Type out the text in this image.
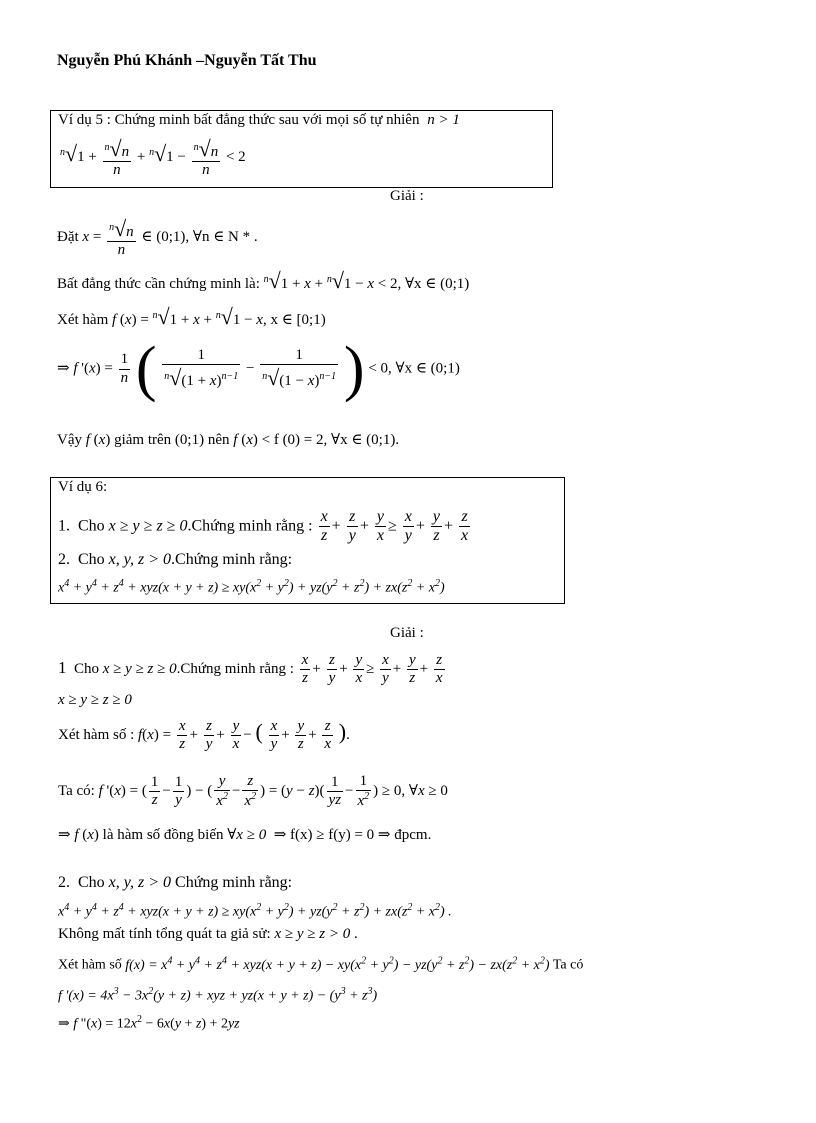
Nguyễn Phú Khánh –Nguyễn Tất Thu
Ví dụ 5 : Chứng minh bất đẳng thức sau với mọi số tự nhiên n > 1
$^n√1 + \frac{^n√n}{n} + ^n√1 - \frac{^n√n}{n} < 2$
Giải :
Đặt $x = \frac{^n√n}{n}$ ∈ (0;1), ∀n ∈ N * .
Bất đẳng thức cần chứng minh là: $^n$√1 + x + $^n$√1 − x < 2, ∀x ∈ (0;1)
Xét hàm f (x) = $^n$√1 + x + $^n$√1 − x, x ∈ [0;1)
⇒ f '$(x) = \frac{1}{n}$ ( $\frac{1}{^n√(1 + x)^{n-1}} - \frac{1}{^n√(1 - x)^{n-1}}$ ) < 0, ∀x ∈ (0;1)
Vậy f (x) giảm trên (0;1) nên f (x) < f (0) = 2, ∀x ∈ (0;1).
Ví dụ 6:
1. Cho x ≥ y ≥ z ≥ 0.Chứng minh rằng : $\frac{x}{z} + \frac{z}{y} + \frac{y}{x} \ge \frac{x}{y} + \frac{y}{z} + \frac{z}{x}$
2. Cho x, y, z > 0.Chứng minh rằng:
$x^4 + y^4 + z^4 + xyz(x + y + z) \ge xy(x^2 + y^2) + yz(y^2 + z^2) + zx(z^2 + x^2)$
Giải :
1 Cho x ≥ y ≥ z ≥ 0.Chứng minh rằng : $\frac{x}{z} + \frac{z}{y} + \frac{y}{x} \ge \frac{x}{y} + \frac{y}{z} + \frac{z}{x}$
x ≥ y ≥ z ≥ 0
Xét hàm số : $f(x) = \frac{x}{z} + \frac{z}{y} + \frac{y}{x}$ − ( $\frac{x}{y} + \frac{y}{z} + \frac{z}{x}$ ).
Ta có: f '(x) = ( $\frac{1}{z} - \frac{1}{y}$ ) − ( $\frac{y}{x^2} - \frac{z}{x^2}$ ) = $(y - z)( \frac{1}{yz} - \frac{1}{x^2}$ ) ≥ 0, ∀x ≥ 0
⇒ f (x) là hàm số đồng biến ∀x ≥ 0 ⇒ f(x) ≥ f(y) = 0 ⇒ đpcm.
2. Cho x, y, z > 0 Chứng minh rằng:
$x^4 + y^4 + z^4 + xyz(x + y + z) \ge xy(x^2 + y^2) + yz(y^2 + z^2) + zx(z^2 + x^2)$ .
Không mất tính tổng quát ta giả sử: x ≥ y ≥ z > 0 .
Xét hàm số $f(x) = x^4 + y^4 + z^4 + xyz(x + y + z) - xy(x^2 + y^2) - yz(y^2 + z^2) - zx(z^2 + x^2)$ Ta có
f '$(x) = 4x^3 - 3x^2(y + z)$ + xyz + $yz(x + y + z) - (y^3 + z^3)$
⇒ f "$(x) = 12x^2 - 6x(y + z) + 2yz$
